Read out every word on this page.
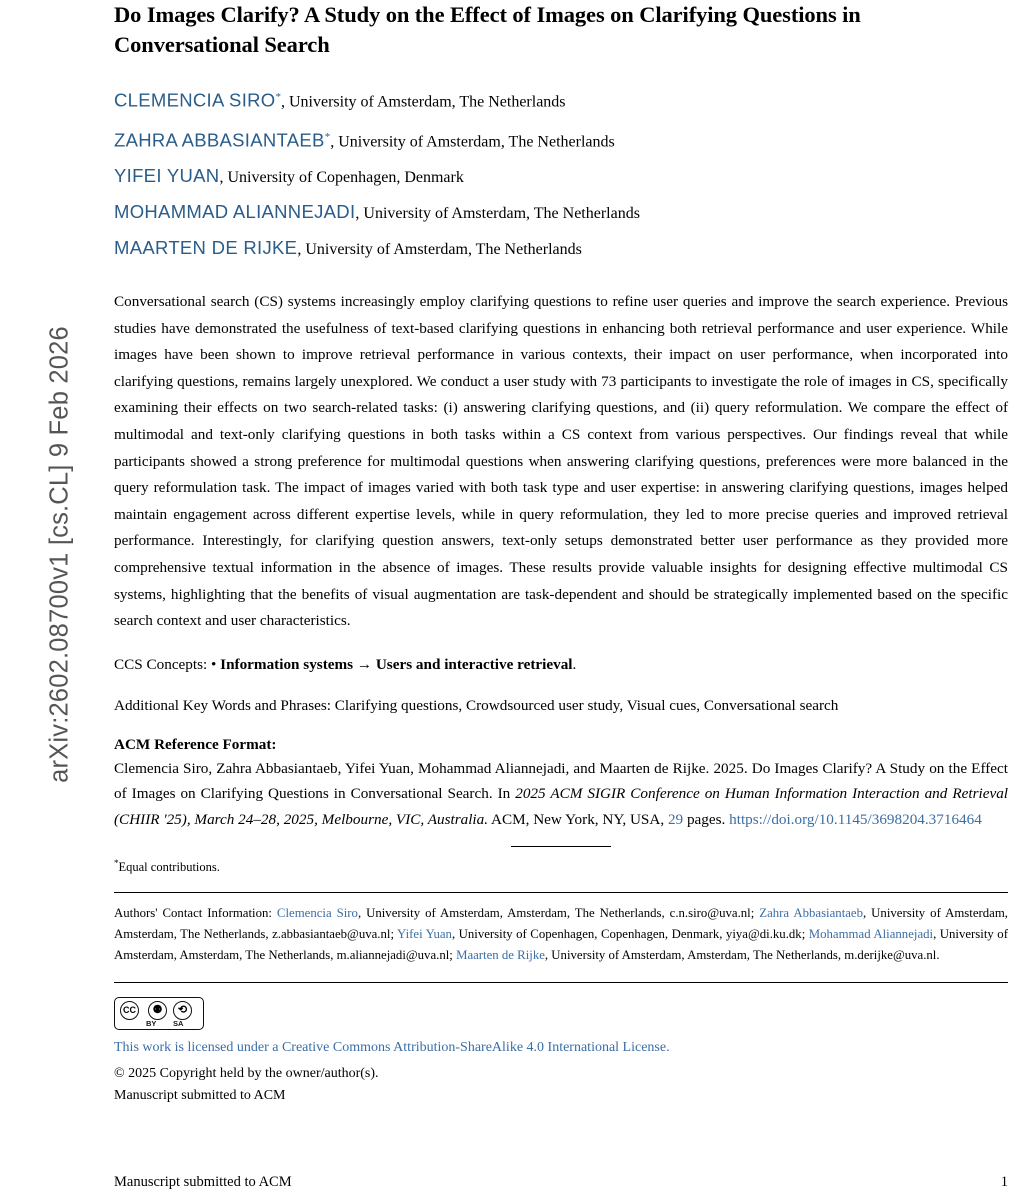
arXiv:2602.08700v1 [cs.CL] 9 Feb 2026
Do Images Clarify? A Study on the Effect of Images on Clarifying Questions in Conversational Search
CLEMENCIA SIRO*, University of Amsterdam, The Netherlands
ZAHRA ABBASIANTAEB*, University of Amsterdam, The Netherlands
YIFEI YUAN, University of Copenhagen, Denmark
MOHAMMAD ALIANNEJADI, University of Amsterdam, The Netherlands
MAARTEN DE RIJKE, University of Amsterdam, The Netherlands
Conversational search (CS) systems increasingly employ clarifying questions to refine user queries and improve the search experience. Previous studies have demonstrated the usefulness of text-based clarifying questions in enhancing both retrieval performance and user experience. While images have been shown to improve retrieval performance in various contexts, their impact on user performance, when incorporated into clarifying questions, remains largely unexplored. We conduct a user study with 73 participants to investigate the role of images in CS, specifically examining their effects on two search-related tasks: (i) answering clarifying questions, and (ii) query reformulation. We compare the effect of multimodal and text-only clarifying questions in both tasks within a CS context from various perspectives. Our findings reveal that while participants showed a strong preference for multimodal questions when answering clarifying questions, preferences were more balanced in the query reformulation task. The impact of images varied with both task type and user expertise: in answering clarifying questions, images helped maintain engagement across different expertise levels, while in query reformulation, they led to more precise queries and improved retrieval performance. Interestingly, for clarifying question answers, text-only setups demonstrated better user performance as they provided more comprehensive textual information in the absence of images. These results provide valuable insights for designing effective multimodal CS systems, highlighting that the benefits of visual augmentation are task-dependent and should be strategically implemented based on the specific search context and user characteristics.
CCS Concepts: • Information systems → Users and interactive retrieval.
Additional Key Words and Phrases: Clarifying questions, Crowdsourced user study, Visual cues, Conversational search
ACM Reference Format:
Clemencia Siro, Zahra Abbasiantaeb, Yifei Yuan, Mohammad Aliannejadi, and Maarten de Rijke. 2025. Do Images Clarify? A Study on the Effect of Images on Clarifying Questions in Conversational Search. In 2025 ACM SIGIR Conference on Human Information Interaction and Retrieval (CHIIR '25), March 24–28, 2025, Melbourne, VIC, Australia. ACM, New York, NY, USA, 29 pages. https://doi.org/10.1145/3698204.3716464
*Equal contributions.
Authors' Contact Information: Clemencia Siro, University of Amsterdam, Amsterdam, The Netherlands, c.n.siro@uva.nl; Zahra Abbasiantaeb, University of Amsterdam, Amsterdam, The Netherlands, z.abbasiantaeb@uva.nl; Yifei Yuan, University of Copenhagen, Copenhagen, Denmark, yiya@di.ku.dk; Mohammad Aliannejadi, University of Amsterdam, Amsterdam, The Netherlands, m.aliannejadi@uva.nl; Maarten de Rijke, University of Amsterdam, Amsterdam, The Netherlands, m.derijke@uva.nl.
CC	⚉	⟲
BY SA
This work is licensed under a Creative Commons Attribution-ShareAlike 4.0 International License.
© 2025 Copyright held by the owner/author(s).
Manuscript submitted to ACM
Manuscript submitted to ACM	1
